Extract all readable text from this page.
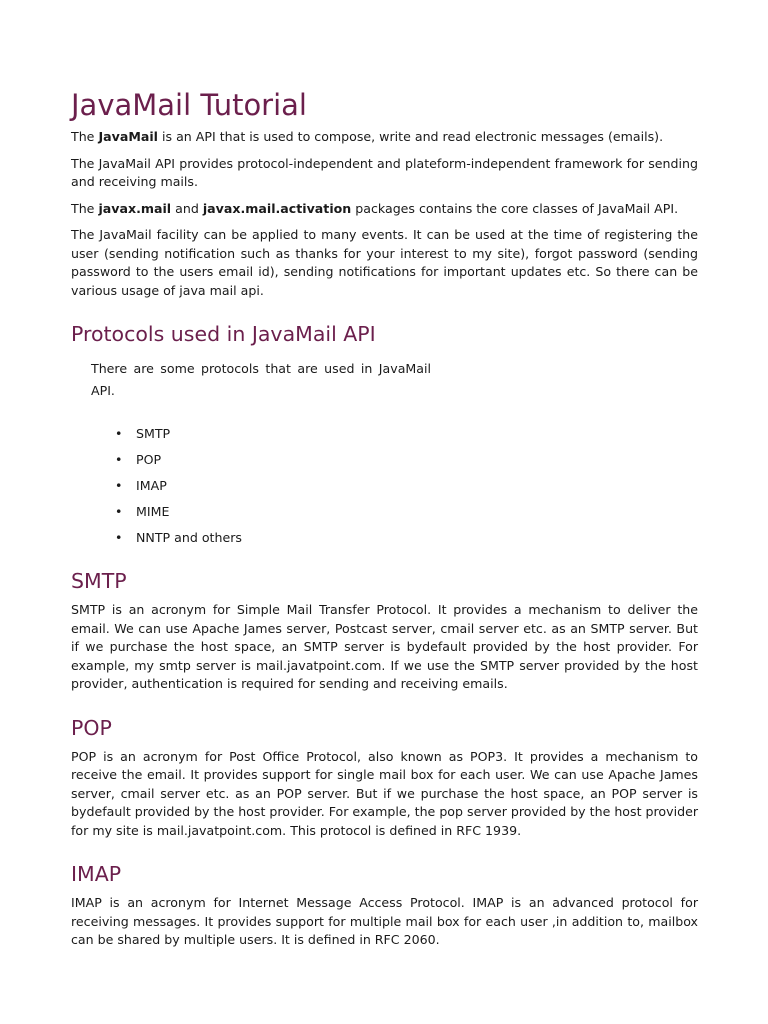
JavaMail Tutorial

The JavaMail is an API that is used to compose, write and read electronic messages (emails).

The JavaMail API provides protocol-independent and plateform-independent framework for sending and receiving mails.

The javax.mail and javax.mail.activation packages contains the core classes of JavaMail API.

The JavaMail facility can be applied to many events. It can be used at the time of registering the user (sending notification such as thanks for your interest to my site), forgot password (sending password to the users email id), sending notifications for important updates etc. So there can be various usage of java mail api.

Protocols used in JavaMail API
There are some protocols that are used in JavaMail API.
• SMTP
• POP
• IMAP
• MIME
• NNTP and others
SMTP

SMTP is an acronym for Simple Mail Transfer Protocol. It provides a mechanism to deliver the email. We can use Apache James server, Postcast server, cmail server etc. as an SMTP server. But if we purchase the host space, an SMTP server is bydefault provided by the host provider. For example, my smtp server is mail.javatpoint.com. If we use the SMTP server provided by the host provider, authentication is required for sending and receiving emails.

POP

POP is an acronym for Post Office Protocol, also known as POP3. It provides a mechanism to receive the email. It provides support for single mail box for each user. We can use Apache James server, cmail server etc. as an POP server. But if we purchase the host space, an POP server is bydefault provided by the host provider. For example, the pop server provided by the host provider for my site is mail.javatpoint.com. This protocol is defined in RFC 1939.

IMAP

IMAP is an acronym for Internet Message Access Protocol. IMAP is an advanced protocol for receiving messages. It provides support for multiple mail box for each user ,in addition to, mailbox can be shared by multiple users. It is defined in RFC 2060.
